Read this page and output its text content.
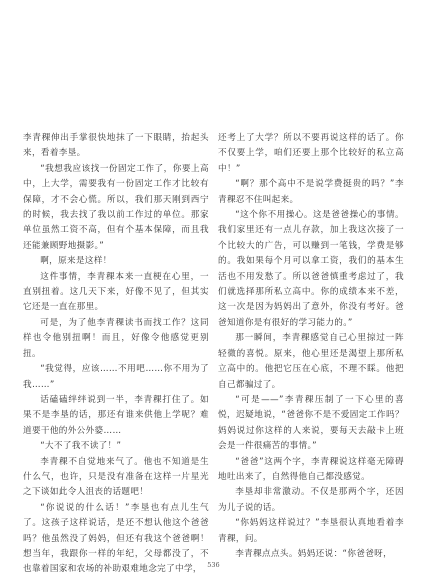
李青稞伸出手掌很快地抹了一下眼睛，抬起头来，看着李垦。

“我想我应该找一份固定工作了，你要上高中，上大学，需要我有一份固定工作才比较有保障，才不会心慌。所以，我们那天刚到西宁的时候，我去找了我以前工作过的单位。那家单位虽然工资不高，但有个基本保障，而且我还能兼顾野地摄影。”

啊，原来是这样！

这件事情，李青稞本来一直梗在心里，一直别扭着。这几天下来，好像不见了，但其实它还是一直在那里。

可是，为了他李青稞读书而找工作？这同样也令他别扭啊！而且，好像令他感觉更别扭。

“我觉得，应该……不用吧……你不用为了我……”

话磕磕绊绊说到一半，李青稞打住了。如果不是李垦的话，那还有谁来供他上学呢？难道要干他的外公外婆……

“大不了我不读了！”

李青稞不自觉地来气了。他也不知道是生什么气，也许，只是没有准备在这样一片星光之下谈如此令人沮丧的话题吧！

“你说说的什么话！”李垦也有点儿生气了。这孩子这样说话，是还不想认他这个爸爸吗？他虽然没了妈妈，但还有我这个爸爸啊！想当年，我跟你一样的年纪，父母都没了，不也靠着国家和农场的补助艰难地念完了中学，

还考上了大学？所以不要再说这样的话了。你不仅要上学，咱们还要上那个比较好的私立高中！”

“啊？那个高中不是说学费挺贵的吗？”李青稞忍不住叫起来。

“这个你不用操心。这是爸爸操心的事情。我们家里还有一点儿存款，加上我这次接了一个比较大的广告，可以赚到一笔钱，学费是够的。我如果每个月可以拿工资，我们的基本生活也不用发愁了。所以爸爸慎重考虑过了，我们就选择那所私立高中。你的成绩本来不差，这一次是因为妈妈出了意外，你没有考好。爸爸知道你是有很好的学习能力的。”

那一瞬间，李青稞感觉自己心里掠过一阵轻微的喜悦。原来，他心里还是渴望上那所私立高中的。他把它压在心底，不理不睬。他把自己都骗过了。

“可是——”李青稞压制了一下心里的喜悦，迟疑地说，“爸爸你不是不爱固定工作吗？妈妈说过你这样的人来说，要每天去敲卡上班会是一件很痛苦的事情。”

“爸爸”这两个字，李青稞说这样毫无障碍地吐出来了，自然得他自己都没感觉。

李垦却非常激动。不仅是那两个字，还因为儿子说的话。

“你妈妈这样说过？”李垦很认真地看着李青稞，问。

李青稞点点头。妈妈还说：“你爸爸呀，

536
